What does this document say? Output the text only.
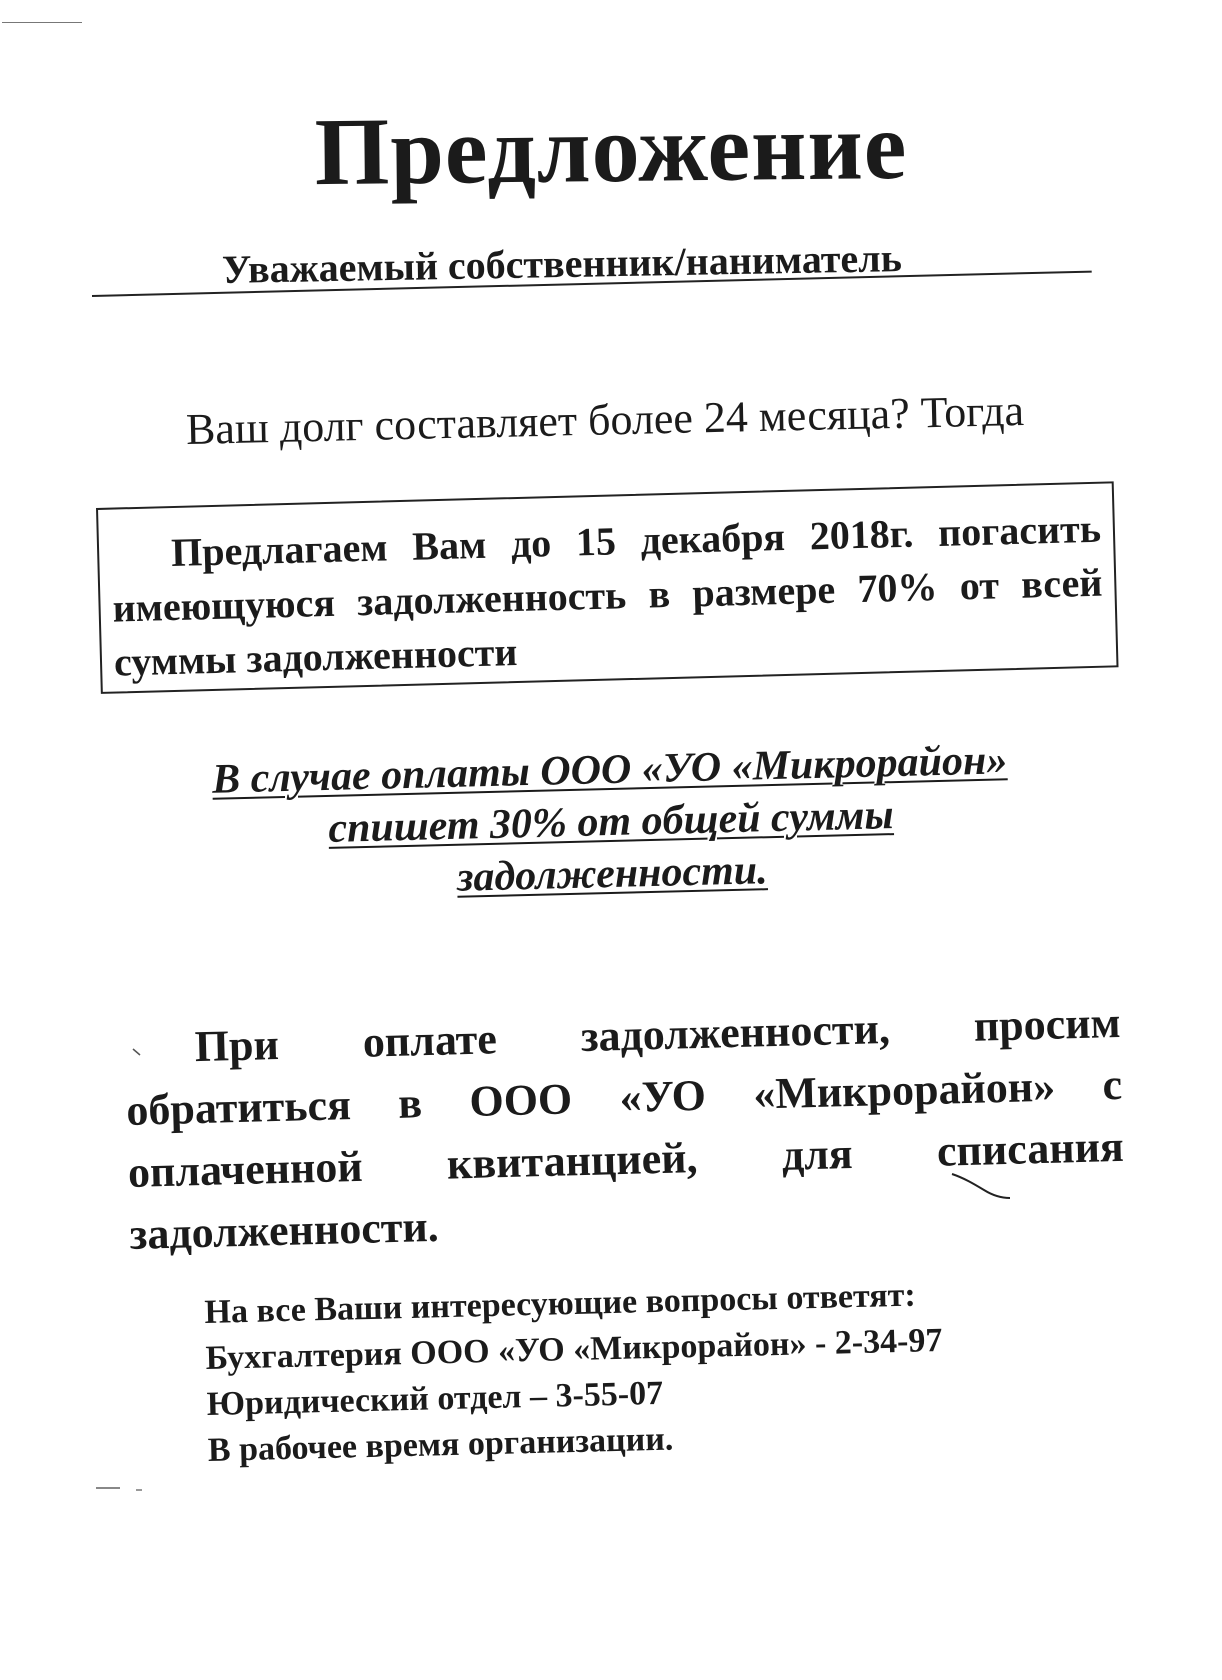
Предложение

Уважаемый собственник/наниматель

Ваш долг составляет более 24 месяца? Тогда

Предлагаем Вам до 15 декабря 2018г. погасить имеющуюся задолженность в размере 70% от всей суммы задолженности

В случае оплаты ООО «УО «Микрорайон»
спишет 30% от общей суммы
задолженности.

При оплате задолженности, просим обратиться в ООО «УО «Микрорайон» с оплаченной квитанцией, для списания задолженности.

На все Ваши интересующие вопросы ответят:
Бухгалтерия ООО «УО «Микрорайон» - 2-34-97
Юридический отдел – 3-55-07
В рабочее время организации.
